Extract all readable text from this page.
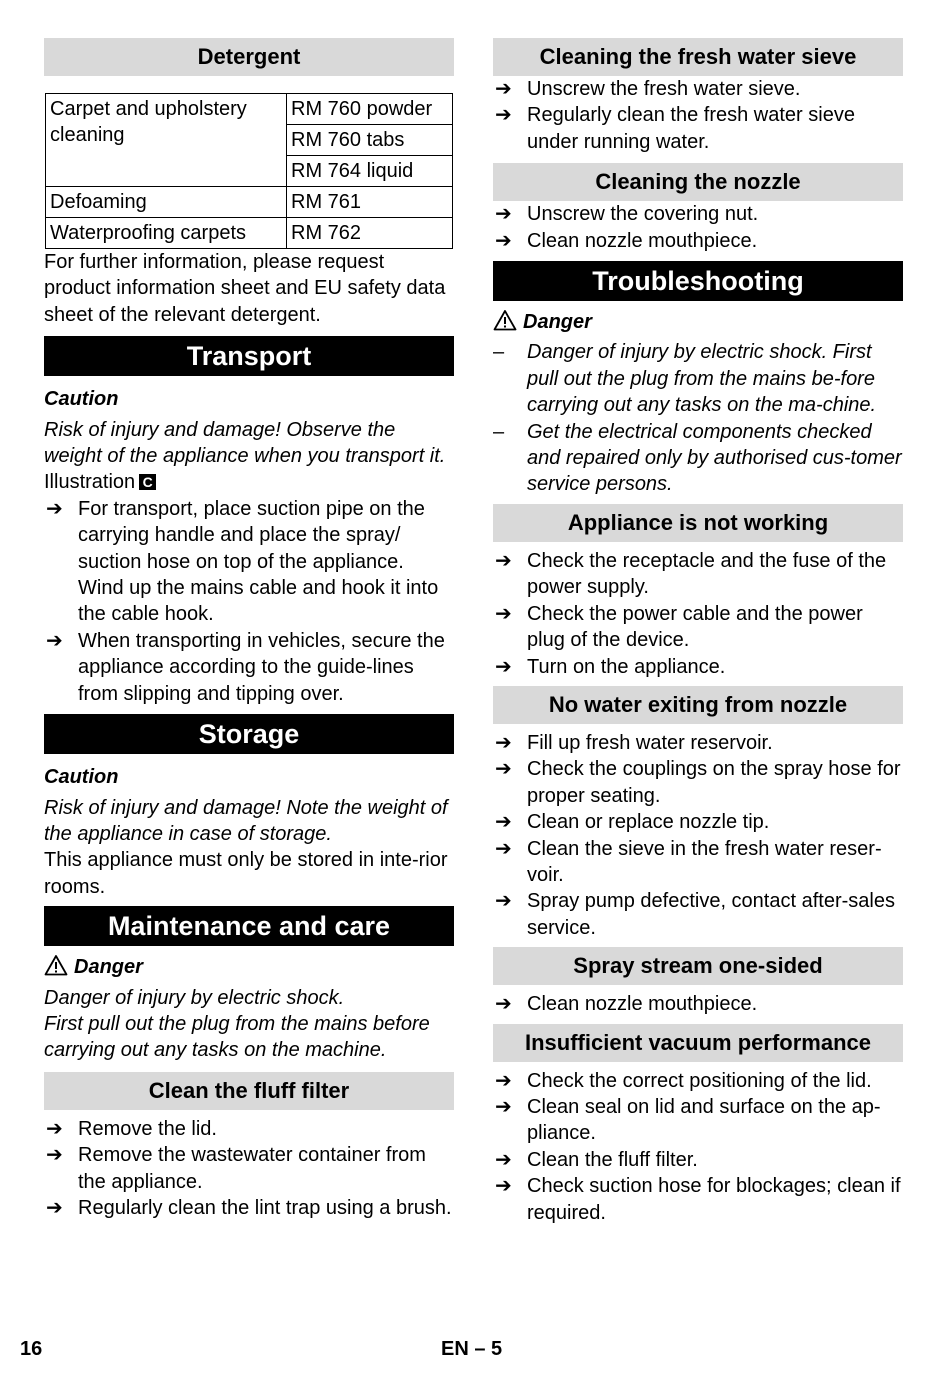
Detergent
Carpet and upholstery cleaning	RM 760 powder
	RM 760 tabs
	RM 764 liquid
Defoaming	RM 761
Waterproofing carpets	RM 762

For further information, please request product information sheet and EU safety data sheet of the relevant detergent.

Transport

Caution

Risk of injury and damage! Observe the weight of the appliance when you transport it.

Illustration C

➔ For transport, place suction pipe on the carrying handle and place the spray/ suction hose on top of the appliance. Wind up the mains cable and hook it into the cable hook.
➔ When transporting in vehicles, secure the appliance according to the guide-lines from slipping and tipping over.
Storage

Caution

Risk of injury and damage! Note the weight of the appliance in case of storage.

This appliance must only be stored in inte-rior rooms.

Maintenance and care

Danger

Danger of injury by electric shock.

First pull out the plug from the mains before carrying out any tasks on the machine.

Clean the fluff filter
➔ Remove the lid.
➔ Remove the wastewater container from the appliance.
➔ Regularly clean the lint trap using a brush.
Cleaning the fresh water sieve
➔ Unscrew the fresh water sieve.
➔ Regularly clean the fresh water sieve under running water.
Cleaning the nozzle
➔ Unscrew the covering nut.
➔ Clean nozzle mouthpiece.
Troubleshooting

Danger

– Danger of injury by electric shock. First pull out the plug from the mains be-fore carrying out any tasks on the ma-chine.
– Get the electrical components checked and repaired only by authorised cus-tomer service persons.
Appliance is not working
➔ Check the receptacle and the fuse of the power supply.
➔ Check the power cable and the power plug of the device.
➔ Turn on the appliance.
No water exiting from nozzle
➔ Fill up fresh water reservoir.
➔ Check the couplings on the spray hose for proper seating.
➔ Clean or replace nozzle tip.
➔ Clean the sieve in the fresh water reser-voir.
➔ Spray pump defective, contact after-sales service.
Spray stream one-sided
➔ Clean nozzle mouthpiece.
Insufficient vacuum performance
➔ Check the correct positioning of the lid.
➔ Clean seal on lid and surface on the ap-pliance.
➔ Clean the fluff filter.
➔ Check suction hose for blockages; clean if required.
16	EN – 5
